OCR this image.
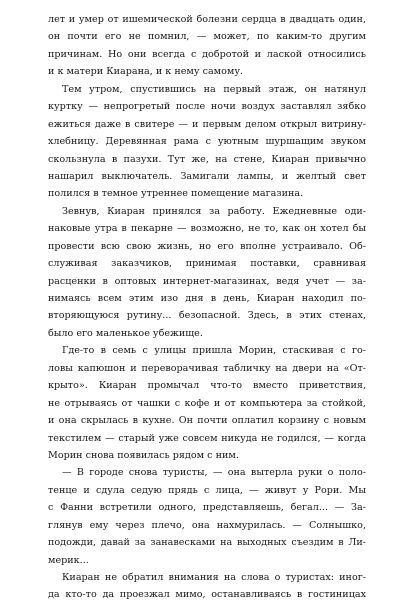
лет и умер от ишемической болезни сердца в двадцать один,
он почти его не помнил, — может, по каким-то другим
причинам. Но они всегда с добротой и лаской относились
и к матери Киарана, и к нему самому.
Тем утром, спустившись на первый этаж, он натянул
куртку — непрогретый после ночи воздух заставлял зябко
ежиться даже в свитере — и первым делом открыл витрину-
хлебницу. Деревянная рама с уютным шуршащим звуком
скользнула в пазухи. Тут же, на стене, Киаран привычно
нашарил выключатель. Замигали лампы, и желтый свет
полился в темное утреннее помещение магазина.
Зевнув, Киаран принялся за работу. Ежедневные оди-
наковые утра в пекарне — возможно, не то, как он хотел бы
провести всю свою жизнь, но его вполне устраивало. Об-
служивая заказчиков, принимая поставки, сравнивая
расценки в оптовых интернет-магазинах, ведя учет — за-
нимаясь всем этим изо дня в день, Киаран находил по-
вторяющуюся рутину... безопасной. Здесь, в этих стенах,
было его маленькое убежище.
Где-то в семь с улицы пришла Морин, стаскивая с го-
ловы капюшон и переворачивая табличку на двери на «От-
крыто». Киаран промычал что-то вместо приветствия,
не отрываясь от чашки с кофе и от компьютера за стойкой,
и она скрылась в кухне. Он почти оплатил корзину с новым
текстилем — старый уже совсем никуда не годился, — когда
Морин снова появилась рядом с ним.
— В городе снова туристы, — она вытерла руки о поло-
тенце и сдула седую прядь с лица, — живут у Рори. Мы
с Фанни встретили одного, представляешь, бегал... — За-
глянув ему через плечо, она нахмурилась. — Солнышко,
подожди, давай за занавесками на выходных съездим в Ли-
мерик...
Киаран не обратил внимания на слова о туристах: иног-
да кто-то да проезжал мимо, останавливаясь в гостиницах
